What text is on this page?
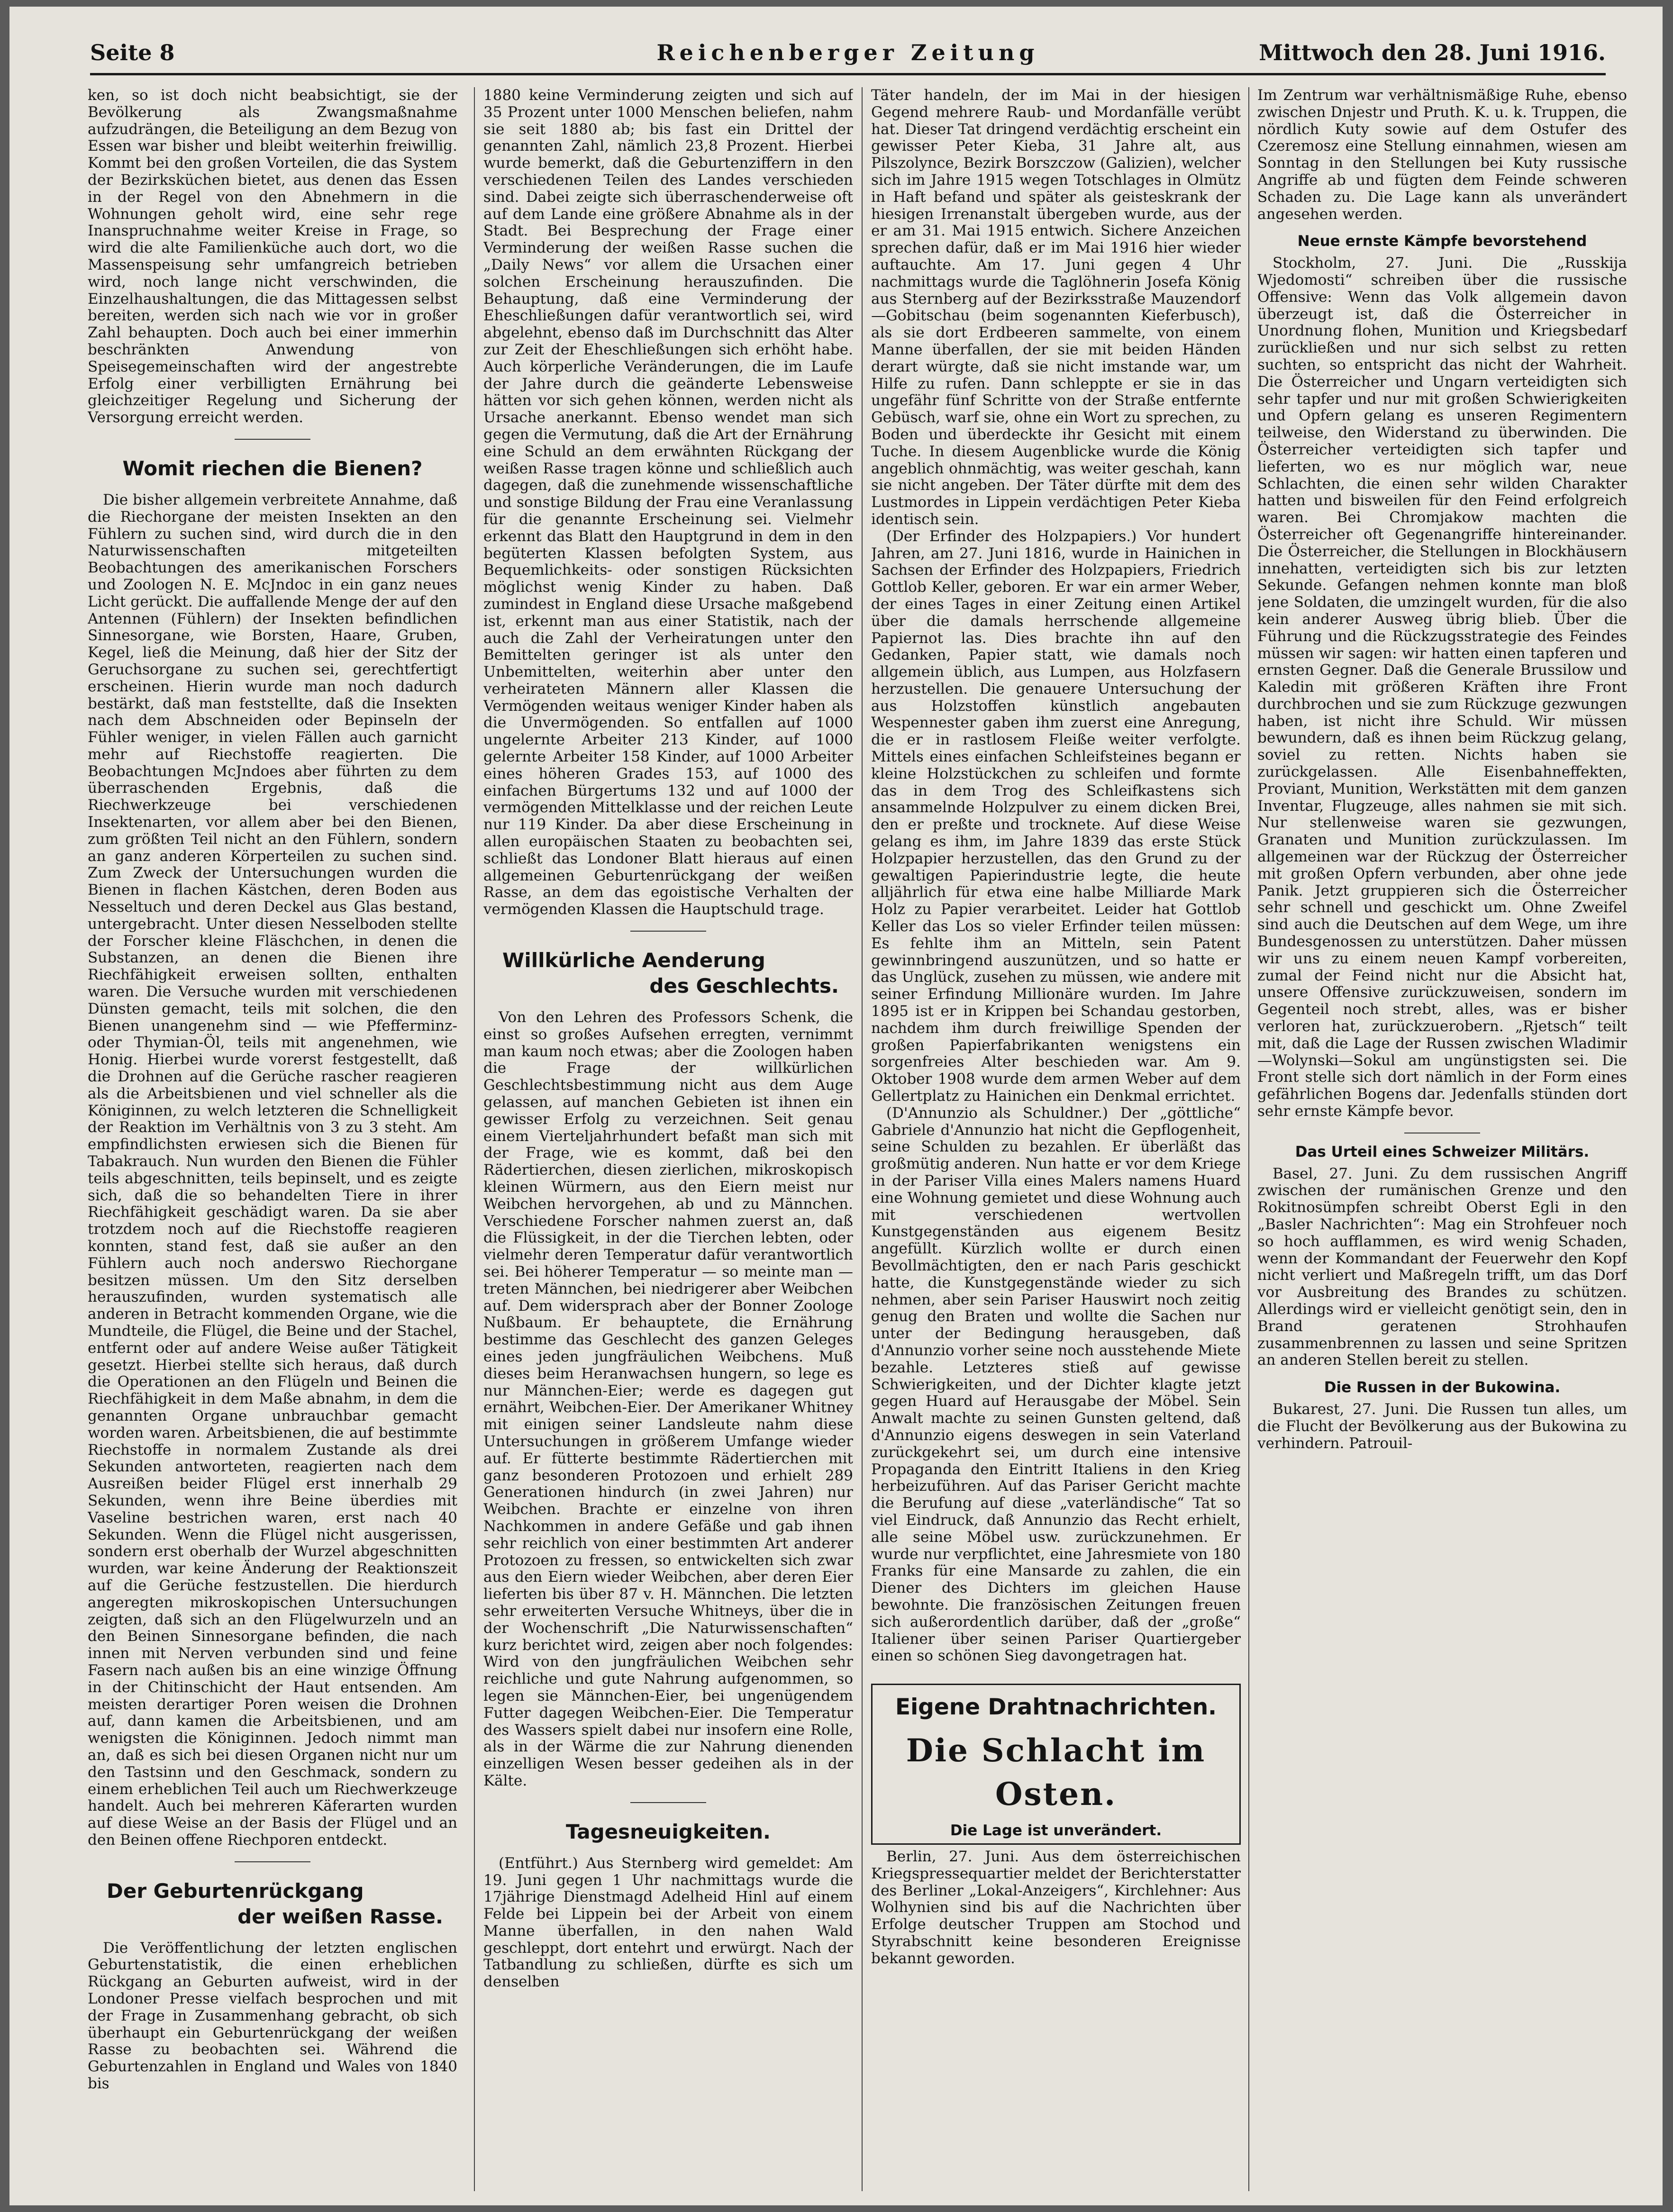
Seite 8	Reichenberger Zeitung	Mittwoch den 28. Juni 1916.

ken, so ist doch nicht beabsichtigt, sie der Bevölkerung als Zwangsmaßnahme aufzudrängen, die Beteiligung an dem Bezug von Essen war bisher und bleibt weiterhin freiwillig. Kommt bei den großen Vorteilen, die das System der Bezirksküchen bietet, aus denen das Essen in der Regel von den Abnehmern in die Wohnungen geholt wird, eine sehr rege Inanspruchnahme weiter Kreise in Frage, so wird die alte Familienküche auch dort, wo die Massenspeisung sehr umfangreich betrieben wird, noch lange nicht verschwinden, die Einzelhaushaltungen, die das Mittagessen selbst bereiten, werden sich nach wie vor in großer Zahl behaupten. Doch auch bei einer immerhin beschränkten Anwendung von Speisegemeinschaften wird der angestrebte Erfolg einer verbilligten Ernährung bei gleichzeitiger Regelung und Sicherung der Versorgung erreicht werden.

Womit riechen die Bienen?

Die bisher allgemein verbreitete Annahme, daß die Riechorgane der meisten Insekten an den Fühlern zu suchen sind, wird durch die in den Naturwissenschaften mitgeteilten Beobachtungen des amerikanischen Forschers und Zoologen N. E. McJndoc in ein ganz neues Licht gerückt. Die auffallende Menge der auf den Antennen (Fühlern) der Insekten befindlichen Sinnesorgane, wie Borsten, Haare, Gruben, Kegel, ließ die Meinung, daß hier der Sitz der Geruchsorgane zu suchen sei, gerechtfertigt erscheinen. Hierin wurde man noch dadurch bestärkt, daß man feststellte, daß die Insekten nach dem Abschneiden oder Bepinseln der Fühler weniger, in vielen Fällen auch garnicht mehr auf Riechstoffe reagierten. Die Beobachtungen McJndoes aber führten zu dem überraschenden Ergebnis, daß die Riechwerkzeuge bei verschiedenen Insektenarten, vor allem aber bei den Bienen, zum größten Teil nicht an den Fühlern, sondern an ganz anderen Körperteilen zu suchen sind. Zum Zweck der Untersuchungen wurden die Bienen in flachen Kästchen, deren Boden aus Nesseltuch und deren Deckel aus Glas bestand, untergebracht. Unter diesen Nesselboden stellte der Forscher kleine Fläschchen, in denen die Substanzen, an denen die Bienen ihre Riechfähigkeit erweisen sollten, enthalten waren. Die Versuche wurden mit verschiedenen Dünsten gemacht, teils mit solchen, die den Bienen unangenehm sind — wie Pfefferminz- oder Thymian-Öl, teils mit angenehmen, wie Honig. Hierbei wurde vorerst festgestellt, daß die Drohnen auf die Gerüche rascher reagieren als die Arbeitsbienen und viel schneller als die Königinnen, zu welch letzteren die Schnelligkeit der Reaktion im Verhältnis von 3 zu 3 steht. Am empfindlichsten erwiesen sich die Bienen für Tabakrauch. Nun wurden den Bienen die Fühler teils abgeschnitten, teils bepinselt, und es zeigte sich, daß die so behandelten Tiere in ihrer Riechfähigkeit geschädigt waren. Da sie aber trotzdem noch auf die Riechstoffe reagieren konnten, stand fest, daß sie außer an den Fühlern auch noch anderswo Riechorgane besitzen müssen. Um den Sitz derselben herauszufinden, wurden systematisch alle anderen in Betracht kommenden Organe, wie die Mundteile, die Flügel, die Beine und der Stachel, entfernt oder auf andere Weise außer Tätigkeit gesetzt. Hierbei stellte sich heraus, daß durch die Operationen an den Flügeln und Beinen die Riechfähigkeit in dem Maße abnahm, in dem die genannten Organe unbrauchbar gemacht worden waren. Arbeitsbienen, die auf bestimmte Riechstoffe in normalem Zustande als drei Sekunden antworteten, reagierten nach dem Ausreißen beider Flügel erst innerhalb 29 Sekunden, wenn ihre Beine überdies mit Vaseline bestrichen waren, erst nach 40 Sekunden. Wenn die Flügel nicht ausgerissen, sondern erst oberhalb der Wurzel abgeschnitten wurden, war keine Änderung der Reaktionszeit auf die Gerüche festzustellen. Die hierdurch angeregten mikroskopischen Untersuchungen zeigten, daß sich an den Flügelwurzeln und an den Beinen Sinnesorgane befinden, die nach innen mit Nerven verbunden sind und feine Fasern nach außen bis an eine winzige Öffnung in der Chitinschicht der Haut entsenden. Am meisten derartiger Poren weisen die Drohnen auf, dann kamen die Arbeitsbienen, und am wenigsten die Königinnen. Jedoch nimmt man an, daß es sich bei diesen Organen nicht nur um den Tastsinn und den Geschmack, sondern zu einem erheblichen Teil auch um Riechwerkzeuge handelt. Auch bei mehreren Käferarten wurden auf diese Weise an der Basis der Flügel und an den Beinen offene Riechporen entdeckt.

Der Geburtenrückgang
der weißen Rasse.

Die Veröffentlichung der letzten englischen Geburtenstatistik, die einen erheblichen Rückgang an Geburten aufweist, wird in der Londoner Presse vielfach besprochen und mit der Frage in Zusammenhang gebracht, ob sich überhaupt ein Geburtenrückgang der weißen Rasse zu beobachten sei. Während die Geburtenzahlen in England und Wales von 1840 bis

1880 keine Verminderung zeigten und sich auf 35 Prozent unter 1000 Menschen beliefen, nahm sie seit 1880 ab; bis fast ein Drittel der genannten Zahl, nämlich 23,8 Prozent. Hierbei wurde bemerkt, daß die Geburtenziffern in den verschiedenen Teilen des Landes verschieden sind. Dabei zeigte sich überraschenderweise oft auf dem Lande eine größere Abnahme als in der Stadt. Bei Besprechung der Frage einer Verminderung der weißen Rasse suchen die „Daily News“ vor allem die Ursachen einer solchen Erscheinung herauszufinden. Die Behauptung, daß eine Verminderung der Eheschließungen dafür verantwortlich sei, wird abgelehnt, ebenso daß im Durchschnitt das Alter zur Zeit der Eheschließungen sich erhöht habe. Auch körperliche Veränderungen, die im Laufe der Jahre durch die geänderte Lebensweise hätten vor sich gehen können, werden nicht als Ursache anerkannt. Ebenso wendet man sich gegen die Vermutung, daß die Art der Ernährung eine Schuld an dem erwähnten Rückgang der weißen Rasse tragen könne und schließlich auch dagegen, daß die zunehmende wissenschaftliche und sonstige Bildung der Frau eine Veranlassung für die genannte Erscheinung sei. Vielmehr erkennt das Blatt den Hauptgrund in dem in den begüterten Klassen befolgten System, aus Bequemlichkeits- oder sonstigen Rücksichten möglichst wenig Kinder zu haben. Daß zumindest in England diese Ursache maßgebend ist, erkennt man aus einer Statistik, nach der auch die Zahl der Verheiratungen unter den Bemittelten geringer ist als unter den Unbemittelten, weiterhin aber unter den verheirateten Männern aller Klassen die Vermögenden weitaus weniger Kinder haben als die Unvermögenden. So entfallen auf 1000 ungelernte Arbeiter 213 Kinder, auf 1000 gelernte Arbeiter 158 Kinder, auf 1000 Arbeiter eines höheren Grades 153, auf 1000 des einfachen Bürgertums 132 und auf 1000 der vermögenden Mittelklasse und der reichen Leute nur 119 Kinder. Da aber diese Erscheinung in allen europäischen Staaten zu beobachten sei, schließt das Londoner Blatt hieraus auf einen allgemeinen Geburtenrückgang der weißen Rasse, an dem das egoistische Verhalten der vermögenden Klassen die Hauptschuld trage.

Willkürliche Aenderung
des Geschlechts.

Von den Lehren des Professors Schenk, die einst so großes Aufsehen erregten, vernimmt man kaum noch etwas; aber die Zoologen haben die Frage der willkürlichen Geschlechtsbestimmung nicht aus dem Auge gelassen, auf manchen Gebieten ist ihnen ein gewisser Erfolg zu verzeichnen. Seit genau einem Vierteljahrhundert befaßt man sich mit der Frage, wie es kommt, daß bei den Rädertierchen, diesen zierlichen, mikroskopisch kleinen Würmern, aus den Eiern meist nur Weibchen hervorgehen, ab und zu Männchen. Verschiedene Forscher nahmen zuerst an, daß die Flüssigkeit, in der die Tierchen lebten, oder vielmehr deren Temperatur dafür verantwortlich sei. Bei höherer Temperatur — so meinte man — treten Männchen, bei niedrigerer aber Weibchen auf. Dem widersprach aber der Bonner Zoologe Nußbaum. Er behauptete, die Ernährung bestimme das Geschlecht des ganzen Geleges eines jeden jungfräulichen Weibchens. Muß dieses beim Heranwachsen hungern, so lege es nur Männchen-Eier; werde es dagegen gut ernährt, Weibchen-Eier. Der Amerikaner Whitney mit einigen seiner Landsleute nahm diese Untersuchungen in größerem Umfange wieder auf. Er fütterte bestimmte Rädertierchen mit ganz besonderen Protozoen und erhielt 289 Generationen hindurch (in zwei Jahren) nur Weibchen. Brachte er einzelne von ihren Nachkommen in andere Gefäße und gab ihnen sehr reichlich von einer bestimmten Art anderer Protozoen zu fressen, so entwickelten sich zwar aus den Eiern wieder Weibchen, aber deren Eier lieferten bis über 87 v. H. Männchen. Die letzten sehr erweiterten Versuche Whitneys, über die in der Wochenschrift „Die Naturwissenschaften“ kurz berichtet wird, zeigen aber noch folgendes: Wird von den jungfräulichen Weibchen sehr reichliche und gute Nahrung aufgenommen, so legen sie Männchen-Eier, bei ungenügendem Futter dagegen Weibchen-Eier. Die Temperatur des Wassers spielt dabei nur insofern eine Rolle, als in der Wärme die zur Nahrung dienenden einzelligen Wesen besser gedeihen als in der Kälte.

Tagesneuigkeiten.

(Entführt.) Aus Sternberg wird gemeldet: Am 19. Juni gegen 1 Uhr nachmittags wurde die 17jährige Dienstmagd Adelheid Hinl auf einem Felde bei Lippein bei der Arbeit von einem Manne überfallen, in den nahen Wald geschleppt, dort entehrt und erwürgt. Nach der Tatbandlung zu schließen, dürfte es sich um denselben

Täter handeln, der im Mai in der hiesigen Gegend mehrere Raub- und Mordanfälle verübt hat. Dieser Tat dringend verdächtig erscheint ein gewisser Peter Kieba, 31 Jahre alt, aus Pilszolynce, Bezirk Borszczow (Galizien), welcher sich im Jahre 1915 wegen Totschlages in Olmütz in Haft befand und später als geisteskrank der hiesigen Irrenanstalt übergeben wurde, aus der er am 31. Mai 1915 entwich. Sichere Anzeichen sprechen dafür, daß er im Mai 1916 hier wieder auftauchte. Am 17. Juni gegen 4 Uhr nachmittags wurde die Taglöhnerin Josefa König aus Sternberg auf der Bezirksstraße Mauzendorf—Gobitschau (beim sogenannten Kieferbusch), als sie dort Erdbeeren sammelte, von einem Manne überfallen, der sie mit beiden Händen derart würgte, daß sie nicht imstande war, um Hilfe zu rufen. Dann schleppte er sie in das ungefähr fünf Schritte von der Straße entfernte Gebüsch, warf sie, ohne ein Wort zu sprechen, zu Boden und überdeckte ihr Gesicht mit einem Tuche. In diesem Augenblicke wurde die König angeblich ohnmächtig, was weiter geschah, kann sie nicht angeben. Der Täter dürfte mit dem des Lustmordes in Lippein verdächtigen Peter Kieba identisch sein.

(Der Erfinder des Holzpapiers.) Vor hundert Jahren, am 27. Juni 1816, wurde in Hainichen in Sachsen der Erfinder des Holzpapiers, Friedrich Gottlob Keller, geboren. Er war ein armer Weber, der eines Tages in einer Zeitung einen Artikel über die damals herrschende allgemeine Papiernot las. Dies brachte ihn auf den Gedanken, Papier statt, wie damals noch allgemein üblich, aus Lumpen, aus Holzfasern herzustellen. Die genauere Untersuchung der aus Holzstoffen künstlich angebauten Wespennester gaben ihm zuerst eine Anregung, die er in rastlosem Fleiße weiter verfolgte. Mittels eines einfachen Schleifsteines begann er kleine Holzstückchen zu schleifen und formte das in dem Trog des Schleifkastens sich ansammelnde Holzpulver zu einem dicken Brei, den er preßte und trocknete. Auf diese Weise gelang es ihm, im Jahre 1839 das erste Stück Holzpapier herzustellen, das den Grund zu der gewaltigen Papierindustrie legte, die heute alljährlich für etwa eine halbe Milliarde Mark Holz zu Papier verarbeitet. Leider hat Gottlob Keller das Los so vieler Erfinder teilen müssen: Es fehlte ihm an Mitteln, sein Patent gewinnbringend auszunützen, und so hatte er das Unglück, zusehen zu müssen, wie andere mit seiner Erfindung Millionäre wurden. Im Jahre 1895 ist er in Krippen bei Schandau gestorben, nachdem ihm durch freiwillige Spenden der großen Papierfabrikanten wenigstens ein sorgenfreies Alter beschieden war. Am 9. Oktober 1908 wurde dem armen Weber auf dem Gellertplatz zu Hainichen ein Denkmal errichtet.

(D'Annunzio als Schuldner.) Der „göttliche“ Gabriele d'Annunzio hat nicht die Gepflogenheit, seine Schulden zu bezahlen. Er überläßt das großmütig anderen. Nun hatte er vor dem Kriege in der Pariser Villa eines Malers namens Huard eine Wohnung gemietet und diese Wohnung auch mit verschiedenen wertvollen Kunstgegenständen aus eigenem Besitz angefüllt. Kürzlich wollte er durch einen Bevollmächtigten, den er nach Paris geschickt hatte, die Kunstgegenstände wieder zu sich nehmen, aber sein Pariser Hauswirt noch zeitig genug den Braten und wollte die Sachen nur unter der Bedingung herausgeben, daß d'Annunzio vorher seine noch ausstehende Miete bezahle. Letzteres stieß auf gewisse Schwierigkeiten, und der Dichter klagte jetzt gegen Huard auf Herausgabe der Möbel. Sein Anwalt machte zu seinen Gunsten geltend, daß d'Annunzio eigens deswegen in sein Vaterland zurückgekehrt sei, um durch eine intensive Propaganda den Eintritt Italiens in den Krieg herbeizuführen. Auf das Pariser Gericht machte die Berufung auf diese „vaterländische“ Tat so viel Eindruck, daß Annunzio das Recht erhielt, alle seine Möbel usw. zurückzunehmen. Er wurde nur verpflichtet, eine Jahresmiete von 180 Franks für eine Mansarde zu zahlen, die ein Diener des Dichters im gleichen Hause bewohnte. Die französischen Zeitungen freuen sich außerordentlich darüber, daß der „große“ Italiener über seinen Pariser Quartiergeber einen so schönen Sieg davongetragen hat.

Eigene Drahtnachrichten.
Die Schlacht im Osten.
Die Lage ist unverändert.

Berlin, 27. Juni. Aus dem österreichischen Kriegspressequartier meldet der Berichterstatter des Berliner „Lokal-Anzeigers“, Kirchlehner: Aus Wolhynien sind bis auf die Nachrichten über Erfolge deutscher Truppen am Stochod und Styrabschnitt keine besonderen Ereignisse bekannt geworden.

Im Zentrum war verhältnismäßige Ruhe, ebenso zwischen Dnjestr und Pruth. K. u. k. Truppen, die nördlich Kuty sowie auf dem Ostufer des Czeremosz eine Stellung einnahmen, wiesen am Sonntag in den Stellungen bei Kuty russische Angriffe ab und fügten dem Feinde schweren Schaden zu. Die Lage kann als unverändert angesehen werden.

Neue ernste Kämpfe bevorstehend

Stockholm, 27. Juni. Die „Russkija Wjedomosti“ schreiben über die russische Offensive: Wenn das Volk allgemein davon überzeugt ist, daß die Österreicher in Unordnung flohen, Munition und Kriegsbedarf zurückließen und nur sich selbst zu retten suchten, so entspricht das nicht der Wahrheit. Die Österreicher und Ungarn verteidigten sich sehr tapfer und nur mit großen Schwierigkeiten und Opfern gelang es unseren Regimentern teilweise, den Widerstand zu überwinden. Die Österreicher verteidigten sich tapfer und lieferten, wo es nur möglich war, neue Schlachten, die einen sehr wilden Charakter hatten und bisweilen für den Feind erfolgreich waren. Bei Chromjakow machten die Österreicher oft Gegenangriffe hintereinander. Die Österreicher, die Stellungen in Blockhäusern innehatten, verteidigten sich bis zur letzten Sekunde. Gefangen nehmen konnte man bloß jene Soldaten, die umzingelt wurden, für die also kein anderer Ausweg übrig blieb. Über die Führung und die Rückzugsstrategie des Feindes müssen wir sagen: wir hatten einen tapferen und ernsten Gegner. Daß die Generale Brussilow und Kaledin mit größeren Kräften ihre Front durchbrochen und sie zum Rückzuge gezwungen haben, ist nicht ihre Schuld. Wir müssen bewundern, daß es ihnen beim Rückzug gelang, soviel zu retten. Nichts haben sie zurückgelassen. Alle Eisenbahneffekten, Proviant, Munition, Werkstätten mit dem ganzen Inventar, Flugzeuge, alles nahmen sie mit sich. Nur stellenweise waren sie gezwungen, Granaten und Munition zurückzulassen. Im allgemeinen war der Rückzug der Österreicher mit großen Opfern verbunden, aber ohne jede Panik. Jetzt gruppieren sich die Österreicher sehr schnell und geschickt um. Ohne Zweifel sind auch die Deutschen auf dem Wege, um ihre Bundesgenossen zu unterstützen. Daher müssen wir uns zu einem neuen Kampf vorbereiten, zumal der Feind nicht nur die Absicht hat, unsere Offensive zurückzuweisen, sondern im Gegenteil noch strebt, alles, was er bisher verloren hat, zurückzuerobern. „Rjetsch“ teilt mit, daß die Lage der Russen zwischen Wladimir—Wolynski—Sokul am ungünstigsten sei. Die Front stelle sich dort nämlich in der Form eines gefährlichen Bogens dar. Jedenfalls stünden dort sehr ernste Kämpfe bevor.

Das Urteil eines Schweizer Militärs.

Basel, 27. Juni. Zu dem russischen Angriff zwischen der rumänischen Grenze und den Rokitnosümpfen schreibt Oberst Egli in den „Basler Nachrichten“: Mag ein Strohfeuer noch so hoch aufflammen, es wird wenig Schaden, wenn der Kommandant der Feuerwehr den Kopf nicht verliert und Maßregeln trifft, um das Dorf vor Ausbreitung des Brandes zu schützen. Allerdings wird er vielleicht genötigt sein, den in Brand geratenen Strohhaufen zusammenbrennen zu lassen und seine Spritzen an anderen Stellen bereit zu stellen.

Die Russen in der Bukowina.

Bukarest, 27. Juni. Die Russen tun alles, um die Flucht der Bevölkerung aus der Bukowina zu verhindern. Patrouil-
